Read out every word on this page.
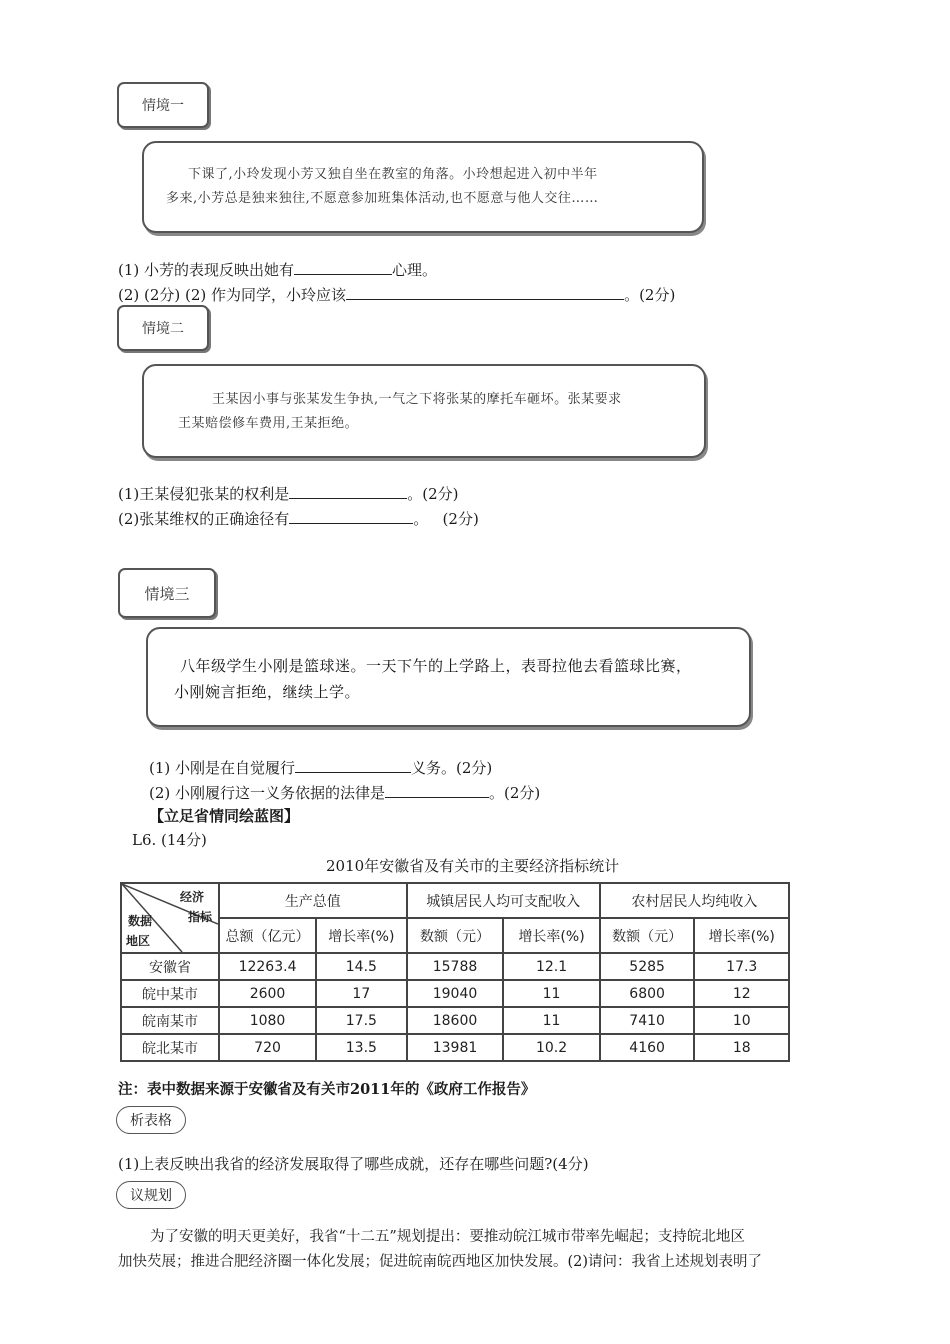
情境一

下课了,小玲发现小芳又独自坐在教室的角落。小玲想起进入初中半年

多来,小芳总是独来独往,不愿意参加班集体活动,也不愿意与他人交往……

(1) 小芳的表现反映出她有	心理。
(2) (2分) (2) 作为同学，小玲应该	。(2分)
情境二

王某因小事与张某发生争执,一气之下将张某的摩托车砸坏。张某要求

王某赔偿修车费用,王某拒绝。

(1)王某侵犯张某的权利是	。(2分)
(2)张某维权的正确途径有	。   (2分)
情境三

八年级学生小刚是篮球迷。一天下午的上学路上，表哥拉他去看篮球比赛，

小刚婉言拒绝，继续上学。

(1) 小刚是在自觉履行	义务。(2分)
(2) 小刚履行这一义务依据的法律是	。(2分)
【立足省情同绘蓝图】
L6. (14分)
2010年安徽省及有关市的主要经济指标统计
经济
指标
数据
地区	生产总值		城镇居民人均可支配收入		农村居民人均纯收入	
	总额（亿元）	增长率(%)	数额（元）	增长率(%)	数额（元）	增长率(%)
安徽省	12263.4	14.5	15788	12.1	5285	17.3
皖中某市	2600	17	19040	11	6800	12
皖南某市	1080	17.5	18600	11	7410	10
皖北某市	720	13.5	13981	10.2	4160	18
注：表中数据来源于安徽省及有关市2011年的《政府工作报告》
析表格
(1)上表反映出我省的经济发展取得了哪些成就，还存在哪些问题?(4分)
议规划
为了安徽的明天更美好，我省“十二五”规划提出：要推动皖江城市带率先崛起；支持皖北地区
加快芡展；推进合肥经济圈一体化发展；促进皖南皖西地区加快发展。(2)请问：我省上述规划表明了
